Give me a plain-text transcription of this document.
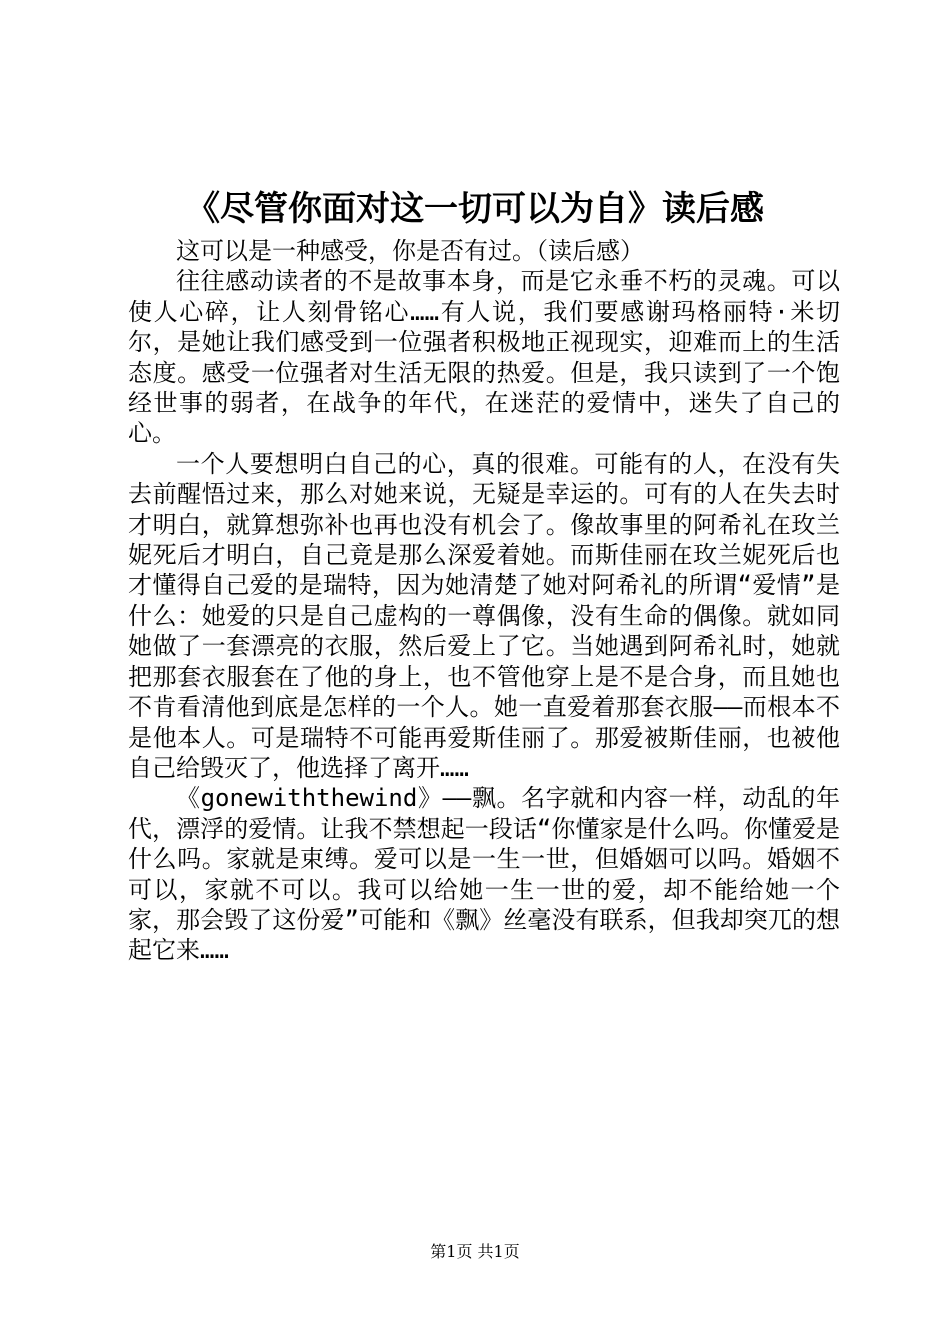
《尽管你面对这一切可以为自》读后感

这可以是一种感受，你是否有过。（读后感）

往往感动读者的不是故事本身，而是它永垂不朽的灵魂。可以使人心碎，让人刻骨铭心……有人说，我们要感谢玛格丽特·米切尔，是她让我们感受到一位强者积极地正视现实，迎难而上的生活态度。感受一位强者对生活无限的热爱。但是，我只读到了一个饱经世事的弱者，在战争的年代，在迷茫的爱情中，迷失了自己的心。

一个人要想明白自己的心，真的很难。可能有的人，在没有失去前醒悟过来，那么对她来说，无疑是幸运的。可有的人在失去时才明白，就算想弥补也再也没有机会了。像故事里的阿希礼在玫兰妮死后才明白，自己竟是那么深爱着她。而斯佳丽在玫兰妮死后也才懂得自己爱的是瑞特，因为她清楚了她对阿希礼的所谓“爱情”是什么：她爱的只是自己虚构的一尊偶像，没有生命的偶像。就如同她做了一套漂亮的衣服，然后爱上了它。当她遇到阿希礼时，她就把那套衣服套在了他的身上，也不管他穿上是不是合身，而且她也不肯看清他到底是怎样的一个人。她一直爱着那套衣服——而根本不是他本人。可是瑞特不可能再爱斯佳丽了。那爱被斯佳丽，也被他自己给毁灭了，他选择了离开……

《gonewiththewind》——飘。名字就和内容一样，动乱的年代，漂浮的爱情。让我不禁想起一段话“你懂家是什么吗。你懂爱是什么吗。家就是束缚。爱可以是一生一世，但婚姻可以吗。婚姻不可以，家就不可以。我可以给她一生一世的爱，却不能给她一个家，那会毁了这份爱”可能和《飘》丝毫没有联系，但我却突兀的想起它来……

第1页 共1页
